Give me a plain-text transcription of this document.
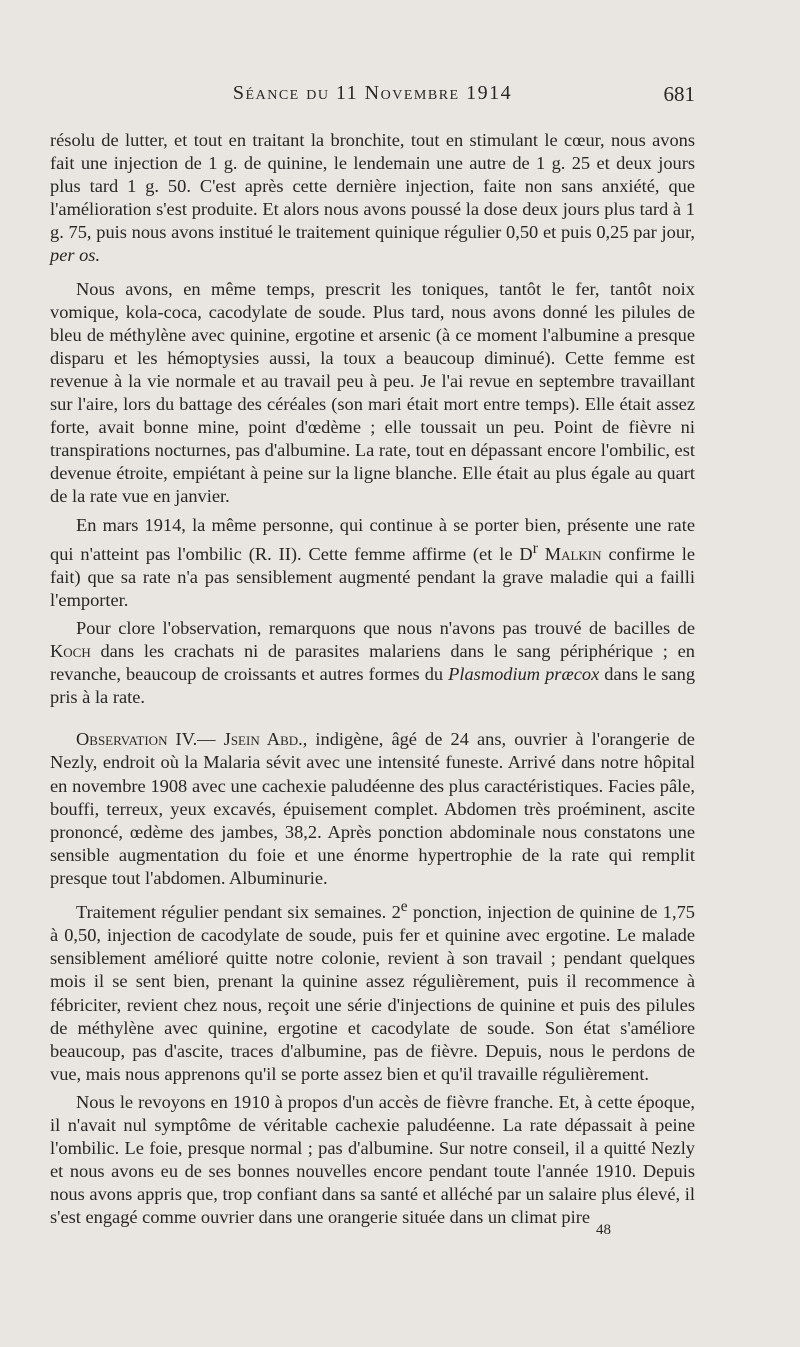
Séance du 11 Novembre 1914	681

résolu de lutter, et tout en traitant la bronchite, tout en stimulant le cœur, nous avons fait une injection de 1 g. de quinine, le lendemain une autre de 1 g. 25 et deux jours plus tard 1 g. 50. C'est après cette dernière injection, faite non sans anxiété, que l'amélioration s'est produite. Et alors nous avons poussé la dose deux jours plus tard à 1 g. 75, puis nous avons institué le traitement quinique régulier 0,50 et puis 0,25 par jour, per os.

Nous avons, en même temps, prescrit les toniques, tantôt le fer, tantôt noix vomique, kola-coca, cacodylate de soude. Plus tard, nous avons donné les pilules de bleu de méthylène avec quinine, ergotine et arsenic (à ce moment l'albumine a presque disparu et les hémoptysies aussi, la toux a beaucoup diminué). Cette femme est revenue à la vie normale et au travail peu à peu. Je l'ai revue en septembre travaillant sur l'aire, lors du battage des céréales (son mari était mort entre temps). Elle était assez forte, avait bonne mine, point d'œdème ; elle toussait un peu. Point de fièvre ni transpirations nocturnes, pas d'albumine. La rate, tout en dépassant encore l'ombilic, est devenue étroite, empiétant à peine sur la ligne blanche. Elle était au plus égale au quart de la rate vue en janvier.

En mars 1914, la même personne, qui continue à se porter bien, présente une rate qui n'atteint pas l'ombilic (R. II). Cette femme affirme (et le $D^r$ Malkin confirme le fait) que sa rate n'a pas sensiblement augmenté pendant la grave maladie qui a failli l'emporter.

Pour clore l'observation, remarquons que nous n'avons pas trouvé de bacilles de Koch dans les crachats ni de parasites malariens dans le sang périphérique ; en revanche, beaucoup de croissants et autres formes du Plasmodium præcox dans le sang pris à la rate.

Observation IV.— Jsein Abd., indigène, âgé de 24 ans, ouvrier à l'orangerie de Nezly, endroit où la Malaria sévit avec une intensité funeste. Arrivé dans notre hôpital en novembre 1908 avec une cachexie paludéenne des plus caractéristiques. Facies pâle, bouffi, terreux, yeux excavés, épuisement complet. Abdomen très proéminent, ascite prononcé, œdème des jambes, 38,2. Après ponction abdominale nous constatons une sensible augmentation du foie et une énorme hypertrophie de la rate qui remplit presque tout l'abdomen. Albuminurie.

Traitement régulier pendant six semaines. 2e ponction, injection de quinine de 1,75 à 0,50, injection de cacodylate de soude, puis fer et quinine avec ergotine. Le malade sensiblement amélioré quitte notre colonie, revient à son travail ; pendant quelques mois il se sent bien, prenant la quinine assez régulièrement, puis il recommence à fébriciter, revient chez nous, reçoit une série d'injections de quinine et puis des pilules de méthylène avec quinine, ergotine et cacodylate de soude. Son état s'améliore beaucoup, pas d'ascite, traces d'albumine, pas de fièvre. Depuis, nous le perdons de vue, mais nous apprenons qu'il se porte assez bien et qu'il travaille régulièrement.

Nous le revoyons en 1910 à propos d'un accès de fièvre franche. Et, à cette époque, il n'avait nul symptôme de véritable cachexie paludéenne. La rate dépassait à peine l'ombilic. Le foie, presque normal ; pas d'albumine. Sur notre conseil, il a quitté Nezly et nous avons eu de ses bonnes nouvelles encore pendant toute l'année 1910. Depuis nous avons appris que, trop confiant dans sa santé et alléché par un salaire plus élevé, il s'est engagé comme ouvrier dans une orangerie située dans un climat pire

48
